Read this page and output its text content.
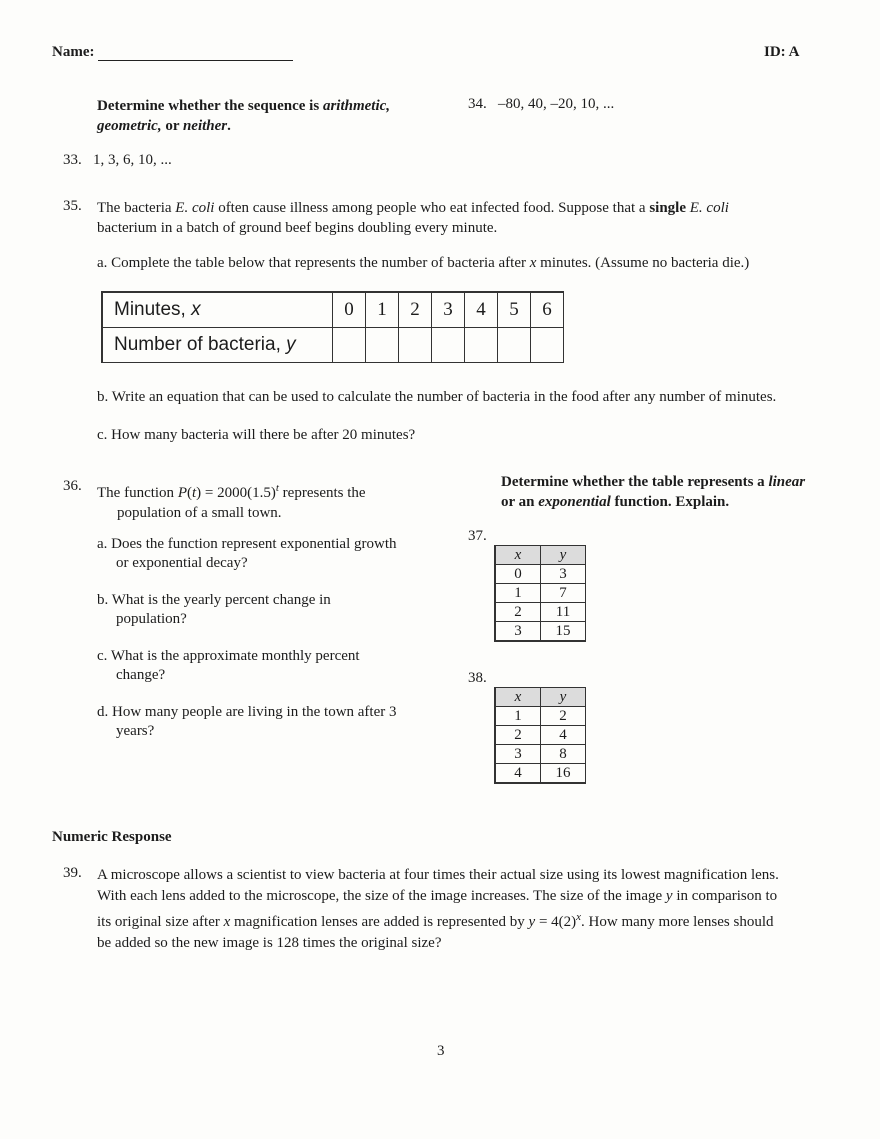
Name:	ID: A
Determine whether the sequence is arithmetic,
geometric, or neither.
34. –80, 40, –20, 10, ...
33. 1, 3, 6, 10, ...
35. The bacteria E. coli often cause illness among people who eat infected food. Suppose that a single E. coli
bacterium in a batch of ground beef begins doubling every minute.
a. Complete the table below that represents the number of bacteria after x minutes. (Assume no bacteria die.)
Minutes, x	0	1	2	3	4	5	6
Number of bacteria, y							
b. Write an equation that can be used to calculate the number of bacteria in the food after any number of minutes.
c. How many bacteria will there be after 20 minutes?
36. The function $P(t) = 2000(1.5)^t$ represents the
population of a small town.
a. Does the function represent exponential growth
or exponential decay?
b. What is the yearly percent change in
population?
c. What is the approximate monthly percent
change?
d. How many people are living in the town after 3
years?
Determine whether the table represents a linear
or an exponential function. Explain.
37.
x	y
0	3
1	7
2	11
3	15
38.
x	y
1	2
2	4
3	8
4	16
Numeric Response
39. A microscope allows a scientist to view bacteria at four times their actual size using its lowest magnification lens.
With each lens added to the microscope, the size of the image increases. The size of the image y in comparison to
its original size after x magnification lenses are added is represented by $y = 4(2)^x$. How many more lenses should
be added so the new image is 128 times the original size?
3
